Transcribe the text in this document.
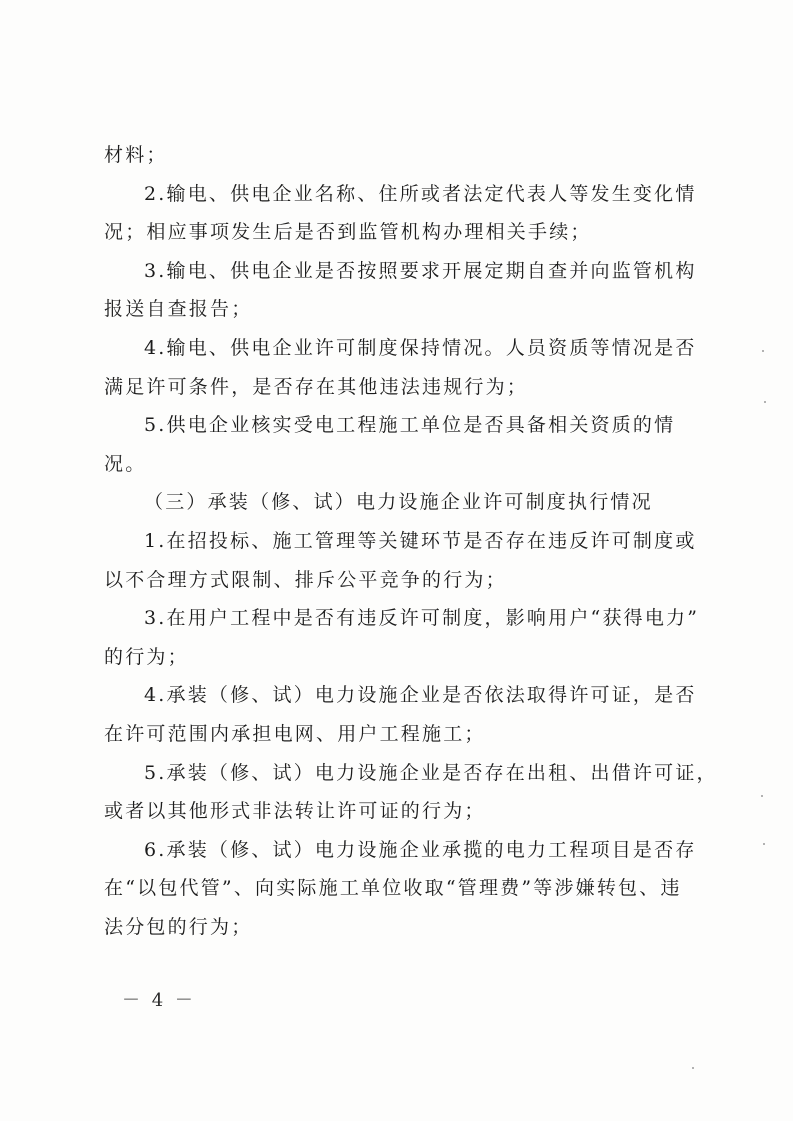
材料；
2.输电、供电企业名称、住所或者法定代表人等发生变化情
况；相应事项发生后是否到监管机构办理相关手续；
3.输电、供电企业是否按照要求开展定期自查并向监管机构
报送自查报告；
4.输电、供电企业许可制度保持情况。人员资质等情况是否
满足许可条件，是否存在其他违法违规行为；
5.供电企业核实受电工程施工单位是否具备相关资质的情
况。
（三）承装（修、试）电力设施企业许可制度执行情况
1.在招投标、施工管理等关键环节是否存在违反许可制度或
以不合理方式限制、排斥公平竞争的行为；
3.在用户工程中是否有违反许可制度，影响用户“获得电力”
的行为；
4.承装（修、试）电力设施企业是否依法取得许可证，是否
在许可范围内承担电网、用户工程施工；
5.承装（修、试）电力设施企业是否存在出租、出借许可证，
或者以其他形式非法转让许可证的行为；
6.承装（修、试）电力设施企业承揽的电力工程项目是否存
在“以包代管”、向实际施工单位收取“管理费”等涉嫌转包、违
法分包的行为；
－ 4 －
